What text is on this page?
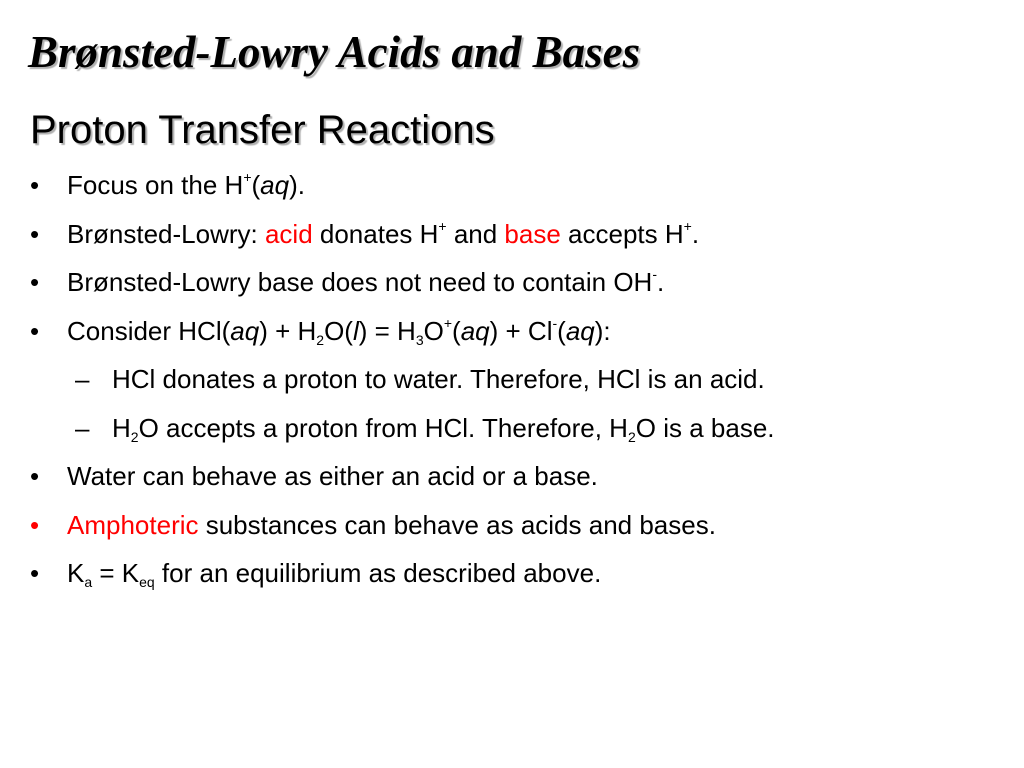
Brønsted-Lowry Acids and Bases
Proton Transfer Reactions
•	Focus on the H+(aq).
•	Brønsted-Lowry: acid donates H+ and base accepts H+.
•	Brønsted-Lowry base does not need to contain OH-.
•	Consider $HCl(aq) + H_2O(l) = H_3O^+(aq) + Cl^-(aq)$:
– HCl donates a proton to water. Therefore, HCl is an acid.
– $H_2O$ accepts a proton from HCl. Therefore, $H_2O$ is a base.
•	Water can behave as either an acid or a base.
•	Amphoteric substances can behave as acids and bases.
•	$K_a = K_{eq}$ for an equilibrium as described above.
